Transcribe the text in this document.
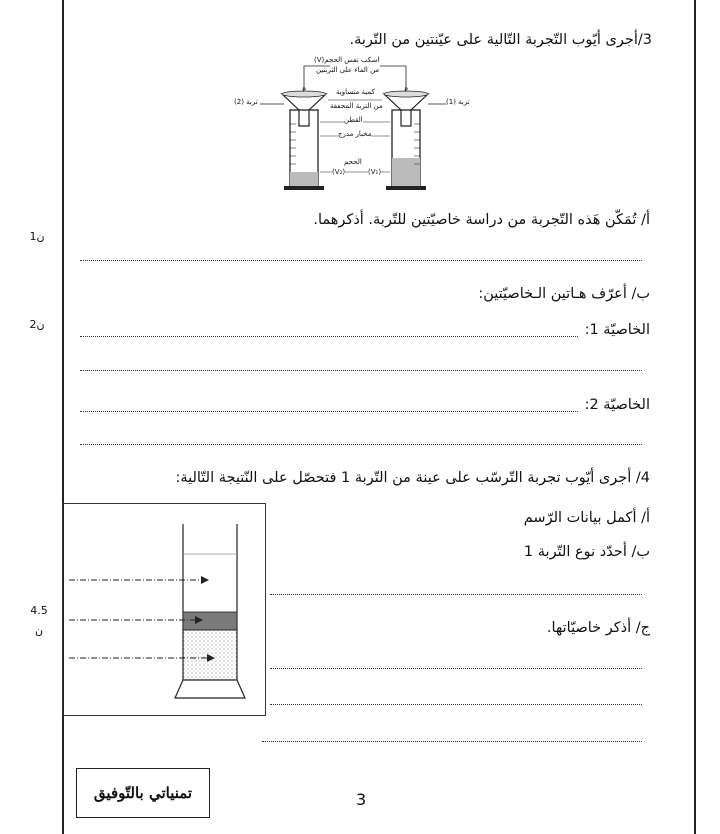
1ن
2ن
4.5
ن
3/أجرى أيّوب التّجربة التّالية على عيّنتين من التّربة.
P	P
اسكب نفس الحجم(V)
من الماء على التربتين
تربة (2)	تربة (1)
كمية متساوية
من التربة المجففة
القطن
مخبار مدرج
الحجم
(V₂)	(V₁)
أ/ تُمَكّن هَذه التّجربة من دراسة خاصيّتين للتّربة. أذكرهما.
ب/ أعرّف هـاتين الـخاصيّتين:
الخاصيّة 1:
الخاصيّة 2:
4/ أجرى أيّوب تجربة التّرسّب على عينة من التّربة 1 فتحصّل على النّتيجة التّالية:
أ/ أكمل بيانات الرّسم
ب/ أحدّد نوع التّربة 1
ج/ أذكر خاصيّاتها.
تمنياتي بالتّوفيق	3
